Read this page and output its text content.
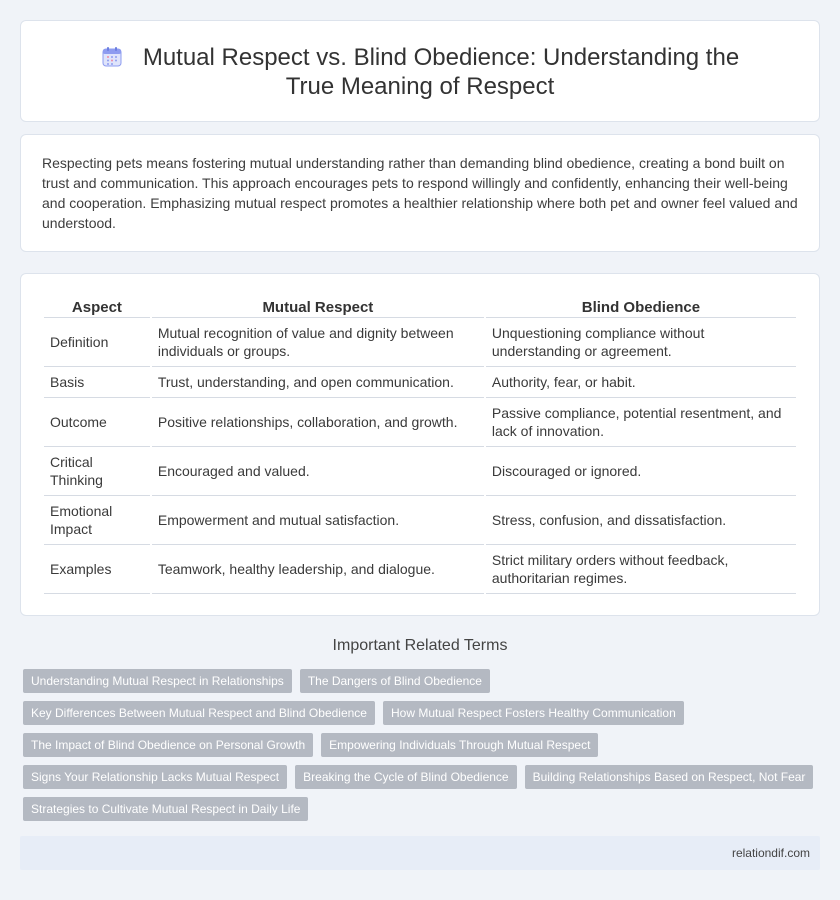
Mutual Respect vs. Blind Obedience: Understanding the True Meaning of Respect

Respecting pets means fostering mutual understanding rather than demanding blind obedience, creating a bond built on trust and communication. This approach encourages pets to respond willingly and confidently, enhancing their well-being and cooperation. Emphasizing mutual respect promotes a healthier relationship where both pet and owner feel valued and understood.

Aspect	Mutual Respect	Blind Obedience
Definition	Mutual recognition of value and dignity between individuals or groups.	Unquestioning compliance without understanding or agreement.
Basis	Trust, understanding, and open communication.	Authority, fear, or habit.
Outcome	Positive relationships, collaboration, and growth.	Passive compliance, potential resentment, and lack of innovation.
Critical Thinking	Encouraged and valued.	Discouraged or ignored.
Emotional Impact	Empowerment and mutual satisfaction.	Stress, confusion, and dissatisfaction.
Examples	Teamwork, healthy leadership, and dialogue.	Strict military orders without feedback, authoritarian regimes.
Important Related Terms
Understanding Mutual Respect in Relationships	The Dangers of Blind Obedience
Key Differences Between Mutual Respect and Blind Obedience	How Mutual Respect Fosters Healthy Communication
The Impact of Blind Obedience on Personal Growth	Empowering Individuals Through Mutual Respect
Signs Your Relationship Lacks Mutual Respect	Breaking the Cycle of Blind Obedience	Building Relationships Based on Respect, Not Fear
Strategies to Cultivate Mutual Respect in Daily Life
relationdif.com
